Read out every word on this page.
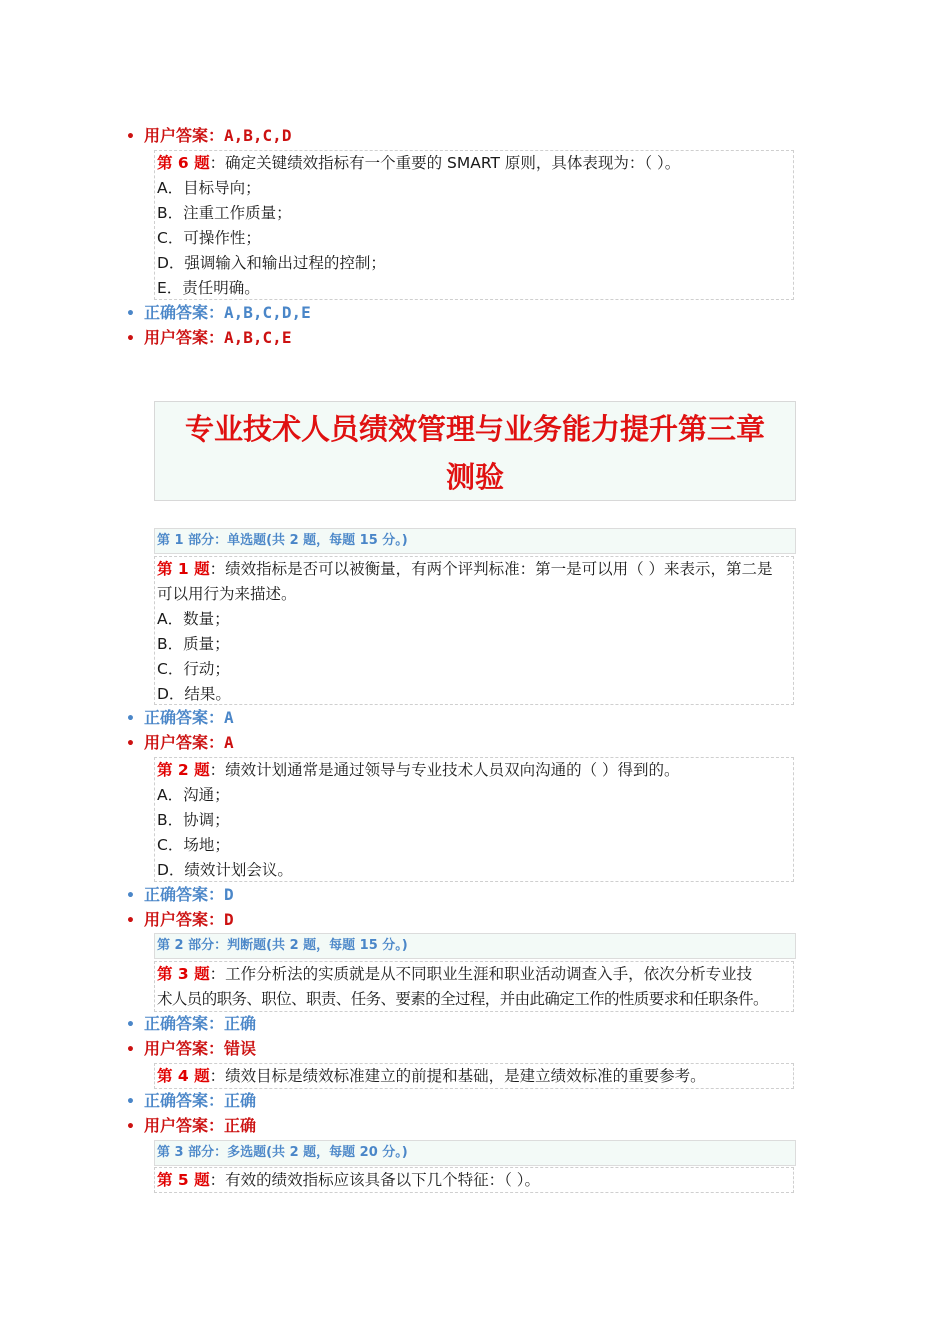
• 用户答案：A,B,C,D
第 6 题：确定关键绩效指标有一个重要的 SMART 原则，具体表现为：（ ）。
A．目标导向；
B．注重工作质量；
C．可操作性；
D．强调输入和输出过程的控制；
E．责任明确。
• 正确答案：A,B,C,D,E
• 用户答案：A,B,C,E
专业技术人员绩效管理与业务能力提升第三章
测验
第 1 部分：单选题(共 2 题，每题 15 分。)
第 1 题：绩效指标是否可以被衡量，有两个评判标准：第一是可以用（ ）来表示，第二是
可以用行为来描述。
A．数量；
B．质量；
C．行动；
D．结果。
• 正确答案：A
• 用户答案：A
第 2 题：绩效计划通常是通过领导与专业技术人员双向沟通的（ ）得到的。
A．沟通；
B．协调；
C．场地；
D．绩效计划会议。
• 正确答案：D
• 用户答案：D
第 2 部分：判断题(共 2 题，每题 15 分。)
第 3 题：工作分析法的实质就是从不同职业生涯和职业活动调查入手，依次分析专业技
术人员的职务、职位、职责、任务、要素的全过程，并由此确定工作的性质要求和任职条件。
• 正确答案：正确
• 用户答案：错误
第 4 题：绩效目标是绩效标准建立的前提和基础，是建立绩效标准的重要参考。
• 正确答案：正确
• 用户答案：正确
第 3 部分：多选题(共 2 题，每题 20 分。)
第 5 题：有效的绩效指标应该具备以下几个特征：（ ）。
